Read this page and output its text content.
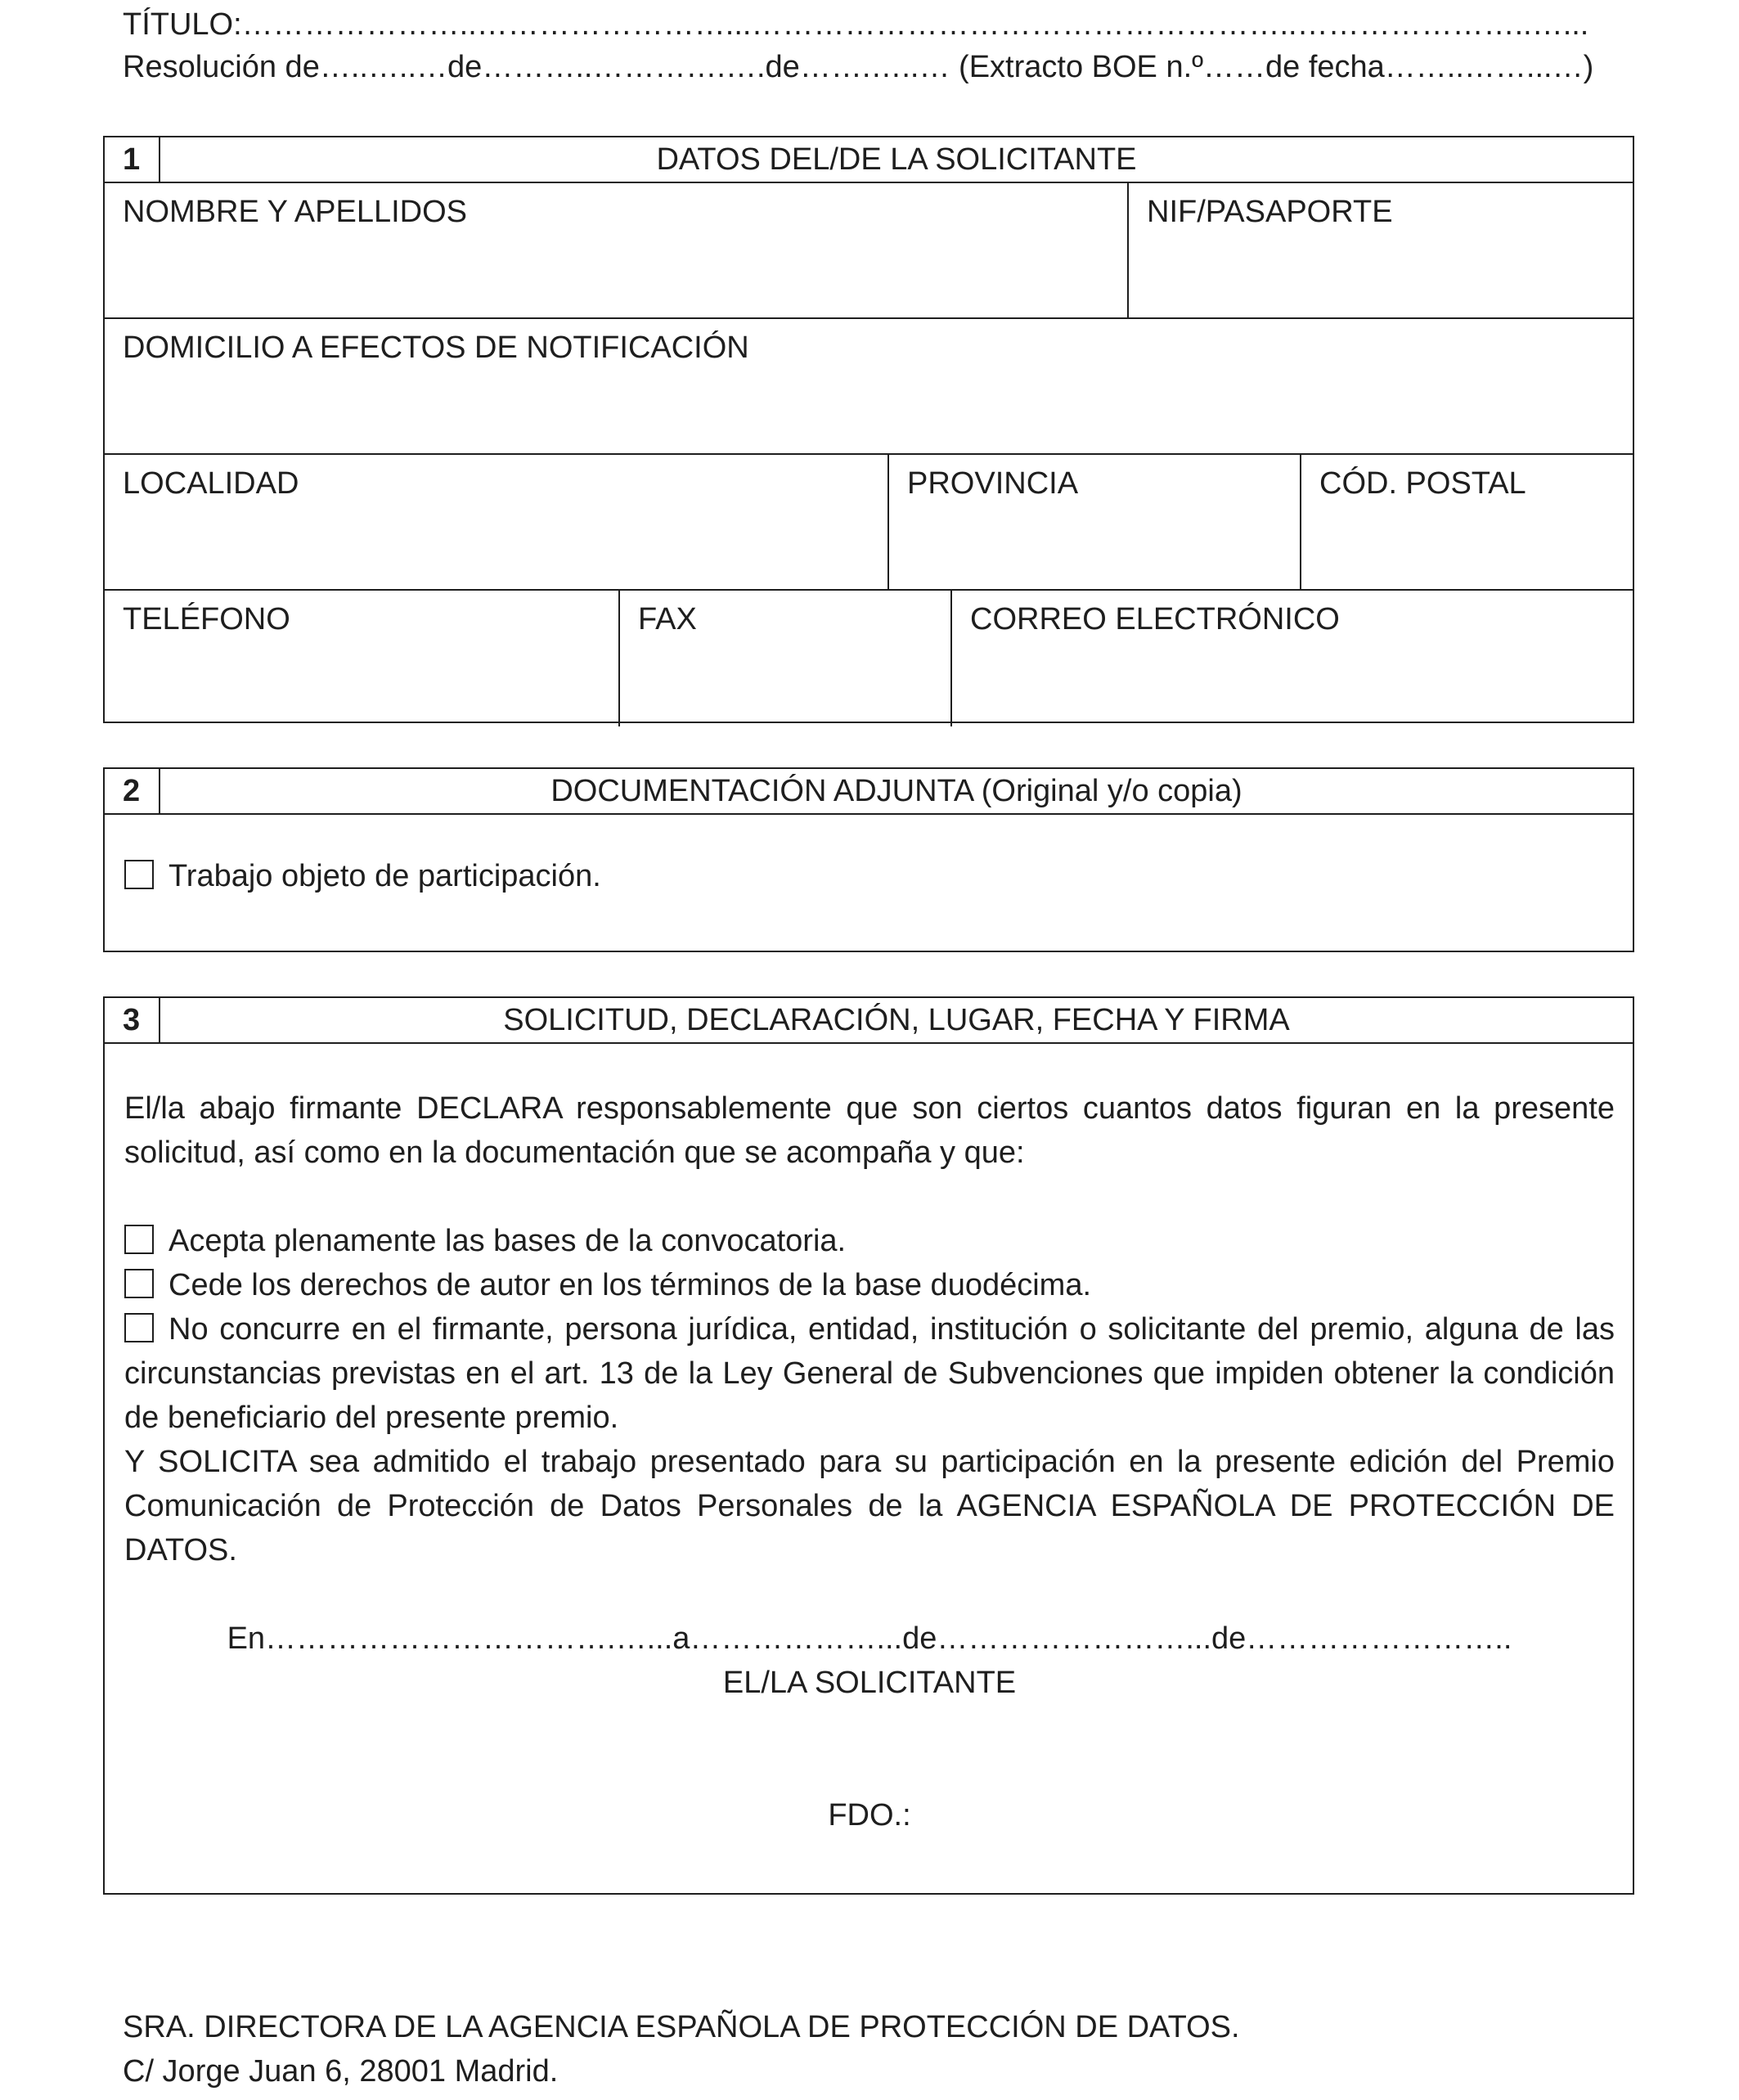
TÍTULO:…………………..……………………...……………………………………………..…………………..…...
Resolución de…..…..…de………..………….….de…….…..… (Extracto BOE n.º……de fecha……..……...…)
1	DATOS DEL/DE LA SOLICITANTE
NOMBRE Y APELLIDOS	NIF/PASAPORTE
DOMICILIO A EFECTOS DE NOTIFICACIÓN
LOCALIDAD	PROVINCIA	CÓD. POSTAL
TELÉFONO	FAX	CORREO ELECTRÓNICO
2	DOCUMENTACIÓN ADJUNTA (Original y/o copia)
Trabajo objeto de participación.
3	SOLICITUD, DECLARACIÓN, LUGAR, FECHA Y FIRMA
El/la abajo firmante DECLARA responsablemente que son ciertos cuantos datos figuran en la presente solicitud, así como en la documentación que se acompaña y que:
Acepta plenamente las bases de la convocatoria.
Cede los derechos de autor en los términos de la base duodécima.
No concurre en el firmante, persona jurídica, entidad, institución o solicitante del premio, alguna de las circunstancias previstas en el art. 13 de la Ley General de Subvenciones que impiden obtener la condición de beneficiario del presente premio.
Y SOLICITA sea admitido el trabajo presentado para su participación en la presente edición del Premio Comunicación de Protección de Datos Personales de la AGENCIA ESPAÑOLA DE PROTECCIÓN DE DATOS.
En…………………………….…...a………………...de……………………...de……………………..
EL/LA SOLICITANTE
FDO.:
SRA. DIRECTORA DE LA AGENCIA ESPAÑOLA DE PROTECCIÓN DE DATOS.
C/ Jorge Juan 6, 28001 Madrid.
